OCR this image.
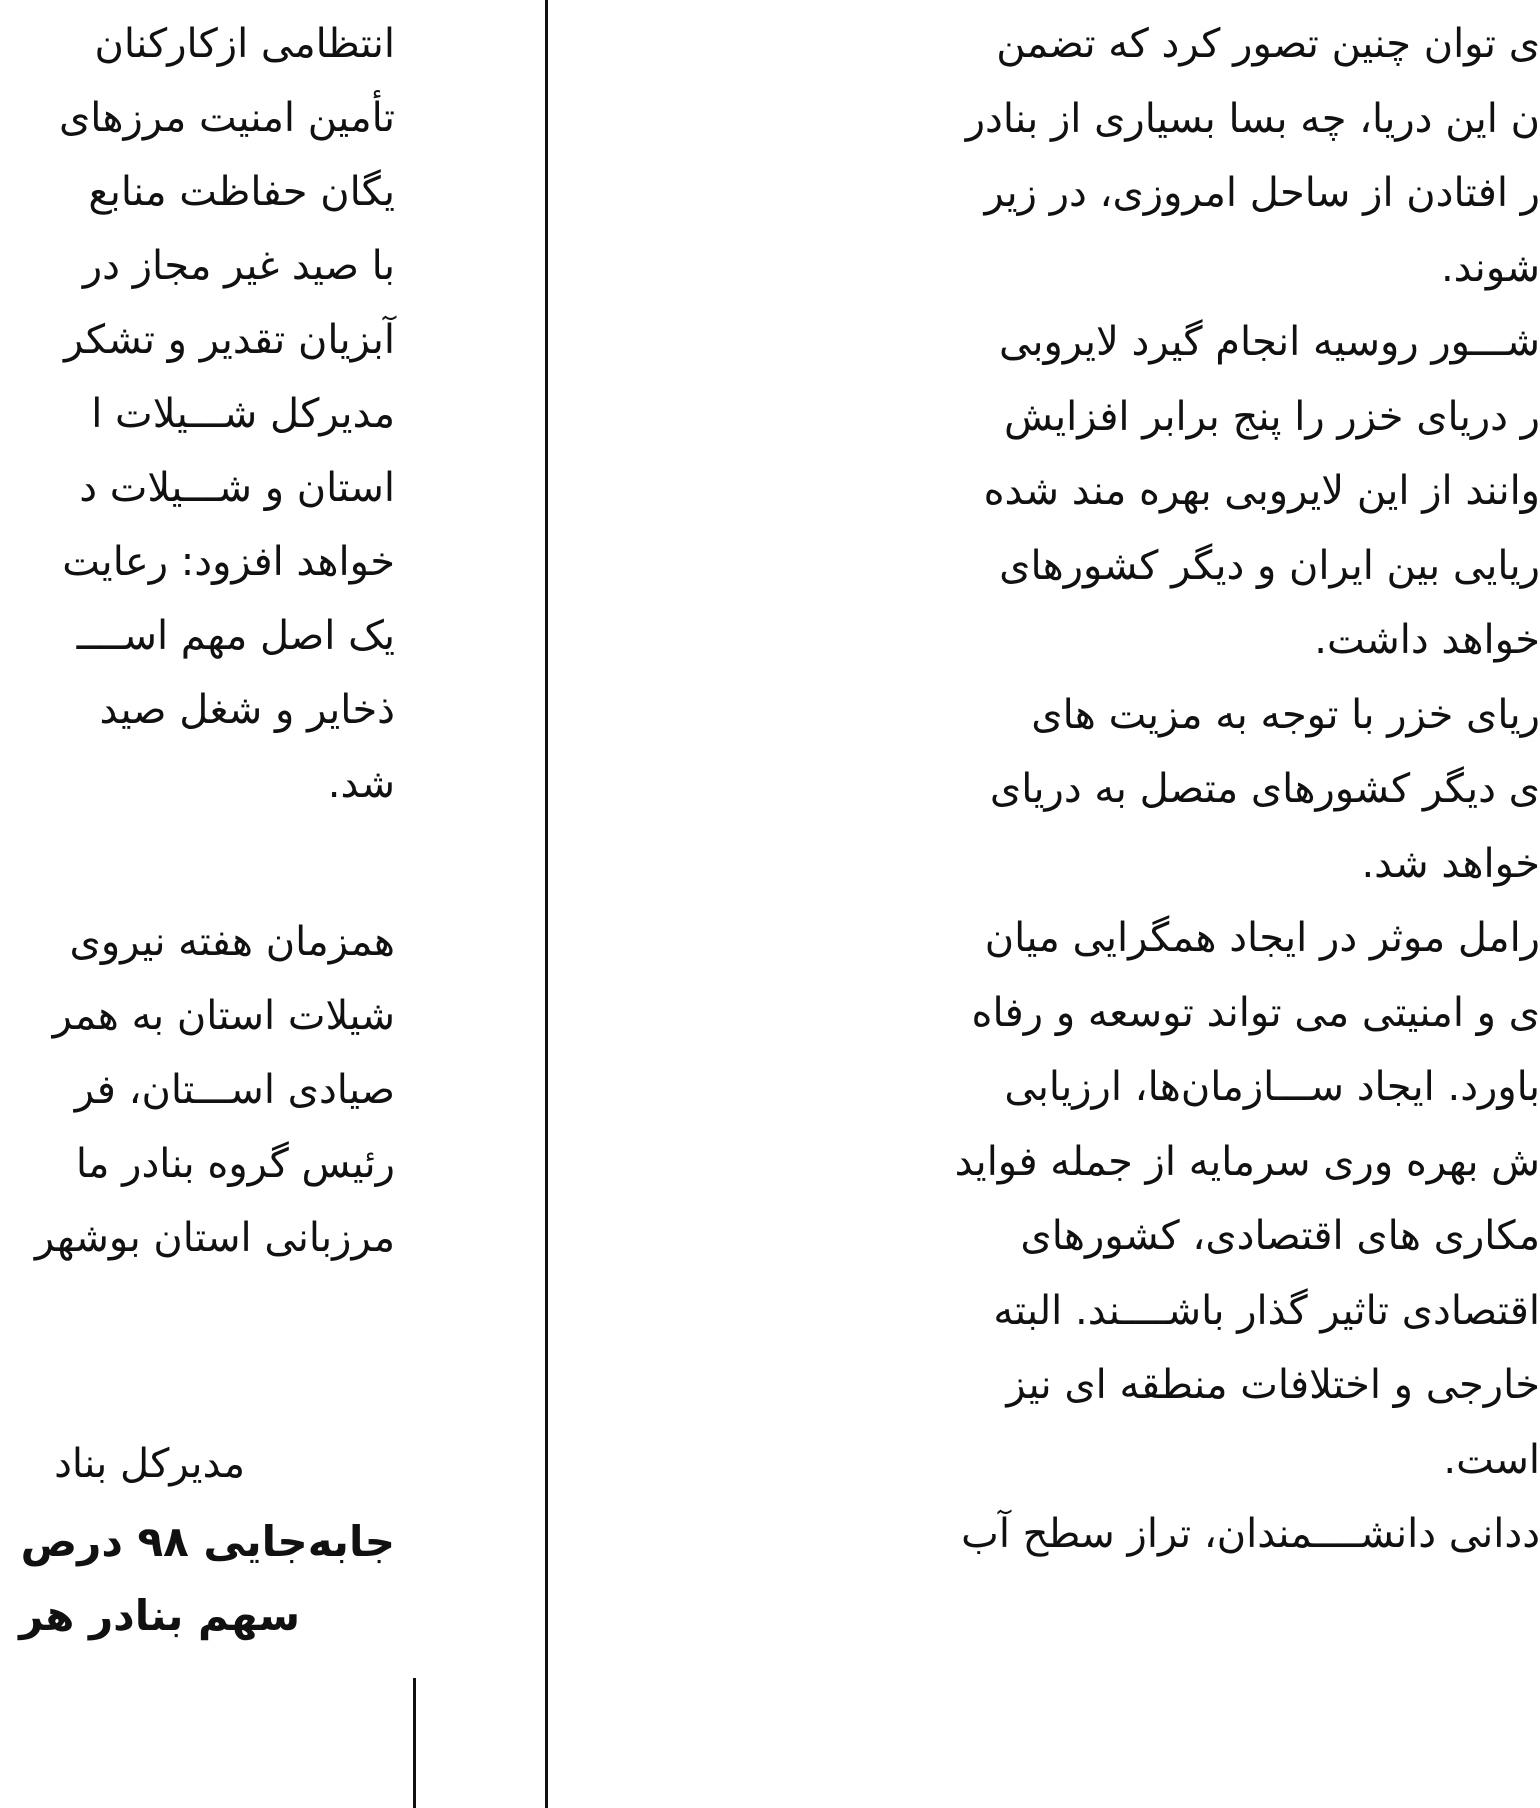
انتظامی ازکارکنان
تأمین امنیت مرزهای
یگان حفاظت منابع
با صید غیر مجاز در
آبزیان تقدیر و تشکر
مدیرکل شـــیلات ا
استان و شـــیلات د
خواهد افزود: رعایت
یک اصل مهم اســــ
ذخایر و شغل صید
شد.
همزمان هفته نیروی
شیلات استان به همر
صیادی اســـتان، فر
رئیس گروه بنادر ما
مرزبانی استان بوشهر
مدیرکل بناد
جابه‌جایی ۹۸ درص
سهم بنادر هر
ی توان چنین تصور کرد که تضمن
ن این دریا، چه بسا بسیاری از بنادر
ر افتادن از ساحل امروزی، در زیر
شوند.
شـــور روسیه انجام گیرد لایروبی
ر دریای خزر را پنج برابر افزایش
وانند از این لایروبی بهره مند شده
ریایی بین ایران و دیگر کشورهای
خواهد داشت.
ریای خزر با توجه به مزیت های
ی دیگر کشورهای متصل به دریای
خواهد شد.
رامل موثر در ایجاد همگرایی میان
ی و امنیتی می تواند توسعه و رفاه
باورد. ایجاد ســـازمان‌ها، ارزیابی
ش بهره وری سرمایه از جمله فواید
مکاری های اقتصادی، کشورهای
اقتصادی تاثیر گذار باشــــند. البته
خارجی و اختلافات منطقه ای نیز
است.
ددانی دانشــــمندان، تراز سطح آب
